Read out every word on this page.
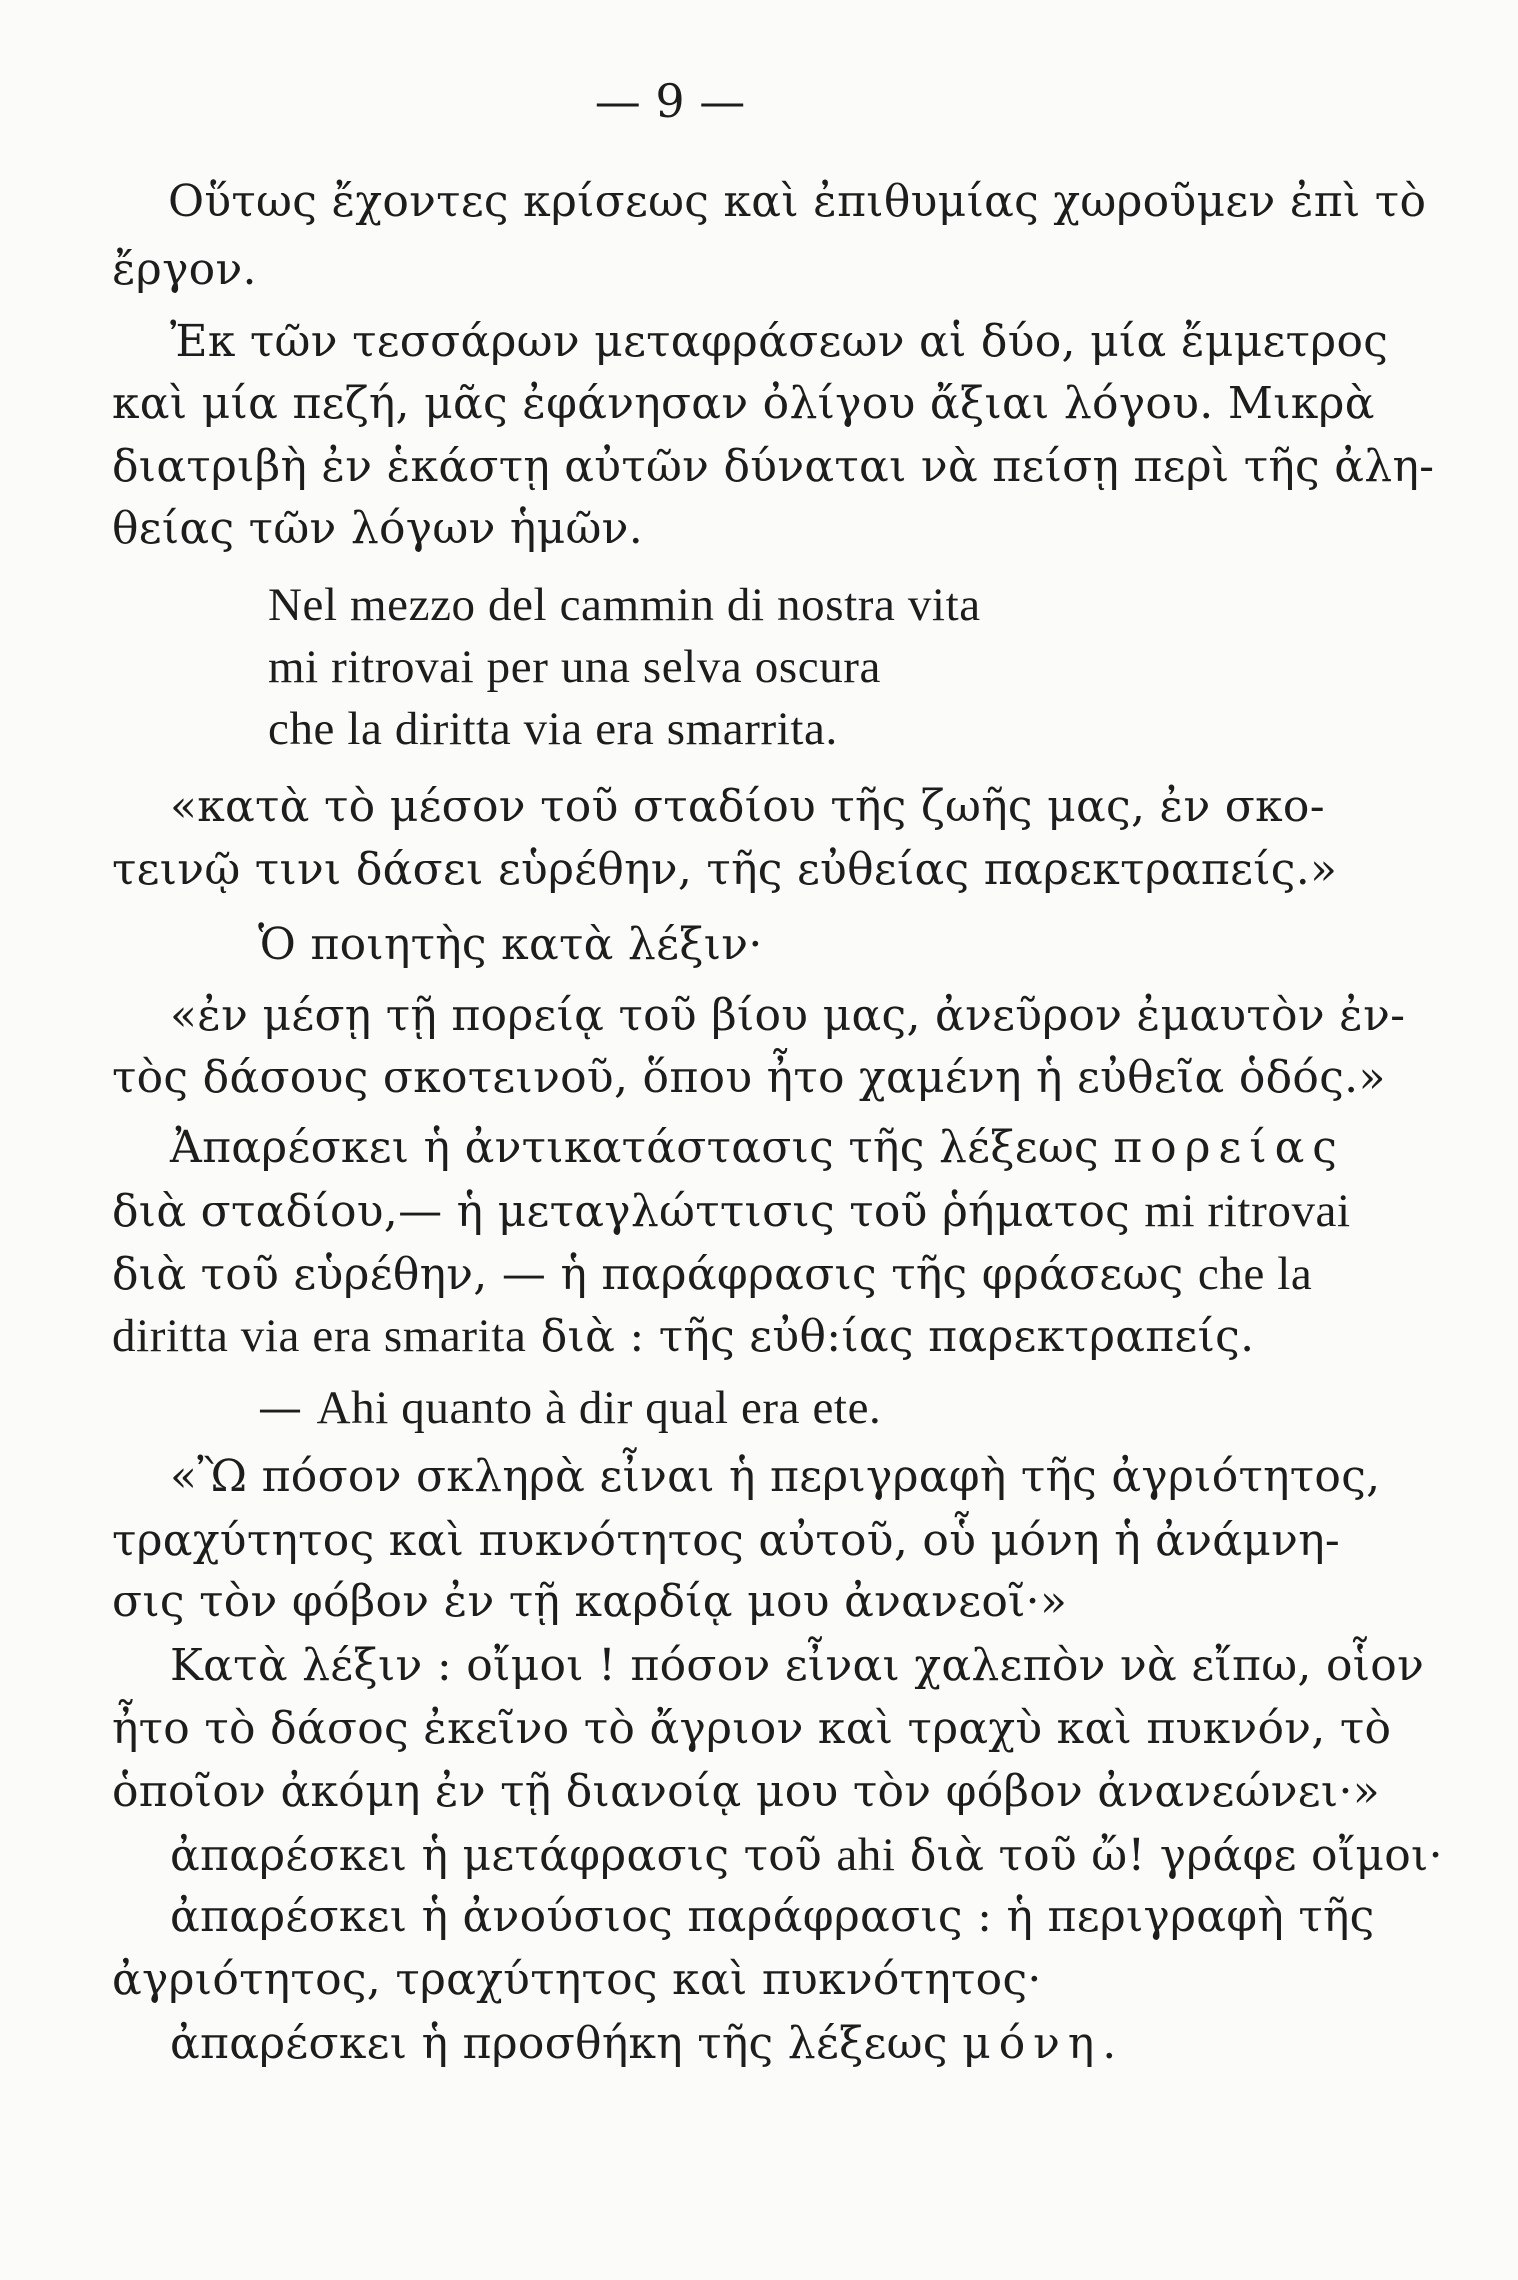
— 9 —
Οὕτως ἔχοντες κρίσεως καὶ ἐπιθυμίας χωροῦμεν ἐπὶ τὸ
ἔργον.
Ἐκ τῶν τεσσάρων μεταφράσεων αἱ δύο, μία ἔμμετρος
καὶ μία πεζή, μᾶς ἐφάνησαν ὀλίγου ἄξιαι λόγου. Μικρὰ
διατριβὴ ἐν ἑκάστῃ αὐτῶν δύναται νὰ πείσῃ περὶ τῆς ἀλη-
θείας τῶν λόγων ἡμῶν.
Nel mezzo del cammin di nostra vita
mi ritrovai per una selva oscura
che la diritta via era smarrita.
«κατὰ τὸ μέσον τοῦ σταδίου τῆς ζωῆς μας, ἐν σκο-
τεινῷ τινι δάσει εὑρέθην, τῆς εὐθείας παρεκτραπείς.»
Ὁ ποιητὴς κατὰ λέξιν·
«ἐν μέσῃ τῇ πορείᾳ τοῦ βίου μας, ἀνεῦρον ἐμαυτὸν ἐν-
τὸς δάσους σκοτεινοῦ, ὅπου ἦτο χαμένη ἡ εὐθεῖα ὁδός.»
Ἀπαρέσκει ἡ ἀντικατάστασις τῆς λέξεως πορείας
διὰ σταδίου,— ἡ μεταγλώττισις τοῦ ῥήματος mi ritrovai
διὰ τοῦ εὑρέθην, — ἡ παράφρασις τῆς φράσεως che la
diritta via era smarita διὰ : τῆς εὐθ:ίας παρεκτραπείς.
— Ahi quanto à dir qual era ete.
«Ὢ πόσον σκληρὰ εἶναι ἡ περιγραφὴ τῆς ἀγριότητος,
τραχύτητος καὶ πυκνότητος αὐτοῦ, οὗ μόνη ἡ ἀνάμνη-
σις τὸν φόβον ἐν τῇ καρδίᾳ μου ἀνανεοῖ·»
Κατὰ λέξιν : οἴμοι ! πόσον εἶναι χαλεπὸν νὰ εἴπω, οἷον
ἦτο τὸ δάσος ἐκεῖνο τὸ ἄγριον καὶ τραχὺ καὶ πυκνόν, τὸ
ὁποῖον ἀκόμη ἐν τῇ διανοίᾳ μου τὸν φόβον ἀνανεώνει·»
ἀπαρέσκει ἡ μετάφρασις τοῦ ahi διὰ τοῦ ὤ! γράφε οἴμοι·
ἀπαρέσκει ἡ ἀνούσιος παράφρασις : ἡ περιγραφὴ τῆς
ἀγριότητος, τραχύτητος καὶ πυκνότητος·
ἀπαρέσκει ἡ προσθήκη τῆς λέξεως μόνη.
